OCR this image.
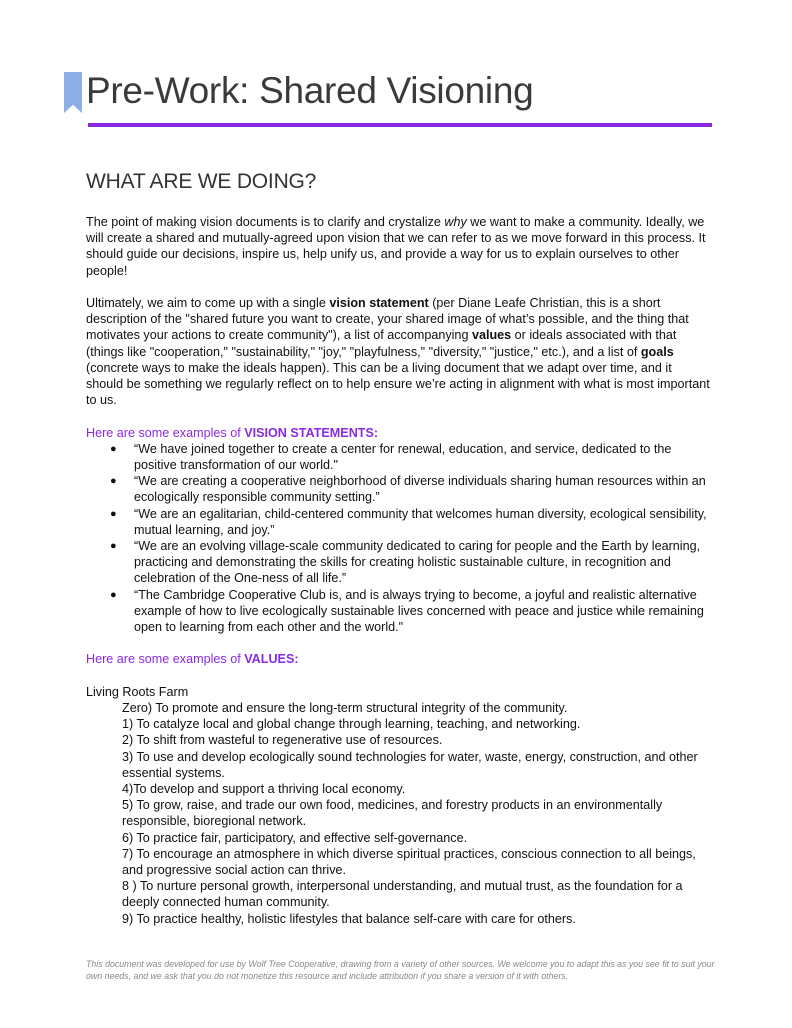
Pre-Work: Shared Visioning
WHAT ARE WE DOING?

The point of making vision documents is to clarify and crystalize why we want to make a community. Ideally, we will create a shared and mutually-agreed upon vision that we can refer to as we move forward in this process. It should guide our decisions, inspire us, help unify us, and provide a way for us to explain ourselves to other people!

Ultimately, we aim to come up with a single vision statement (per Diane Leafe Christian, this is a short description of the "shared future you want to create, your shared image of what’s possible, and the thing that motivates your actions to create community"), a list of accompanying values or ideals associated with that (things like "cooperation," "sustainability," "joy," "playfulness," "diversity," "justice," etc.), and a list of goals (concrete ways to make the ideals happen). This can be a living document that we adapt over time, and it should be something we regularly reflect on to help ensure we’re acting in alignment with what is most important to us.

Here are some examples of VISION STATEMENTS:
● “We have joined together to create a center for renewal, education, and service, dedicated to the positive transformation of our world."
● “We are creating a cooperative neighborhood of diverse individuals sharing human resources within an ecologically responsible community setting.”
● “We are an egalitarian, child-centered community that welcomes human diversity, ecological sensibility, mutual learning, and joy.”
● “We are an evolving village-scale community dedicated to caring for people and the Earth by learning, practicing and demonstrating the skills for creating holistic sustainable culture, in recognition and celebration of the One-ness of all life.”
● “The Cambridge Cooperative Club is, and is always trying to become, a joyful and realistic alternative example of how to live ecologically sustainable lives concerned with peace and justice while remaining open to learning from each other and the world."
Here are some examples of VALUES:
Living Roots Farm
Zero) To promote and ensure the long-term structural integrity of the community.
1) To catalyze local and global change through learning, teaching, and networking.
2) To shift from wasteful to regenerative use of resources.
3) To use and develop ecologically sound technologies for water, waste, energy, construction, and other essential systems.
4)To develop and support a thriving local economy.
5) To grow, raise, and trade our own food, medicines, and forestry products in an environmentally responsible, bioregional network.
6) To practice fair, participatory, and effective self-governance.
7) To encourage an atmosphere in which diverse spiritual practices, conscious connection to all beings, and progressive social action can thrive.
8 ) To nurture personal growth, interpersonal understanding, and mutual trust, as the foundation for a deeply connected human community.
9) To practice healthy, holistic lifestyles that balance self-care with care for others.
This document was developed for use by Wolf Tree Cooperative, drawing from a variety of other sources. We welcome you to adapt this as you see fit to suit your own needs, and we ask that you do not monetize this resource and include attribution if you share a version of it with others.
